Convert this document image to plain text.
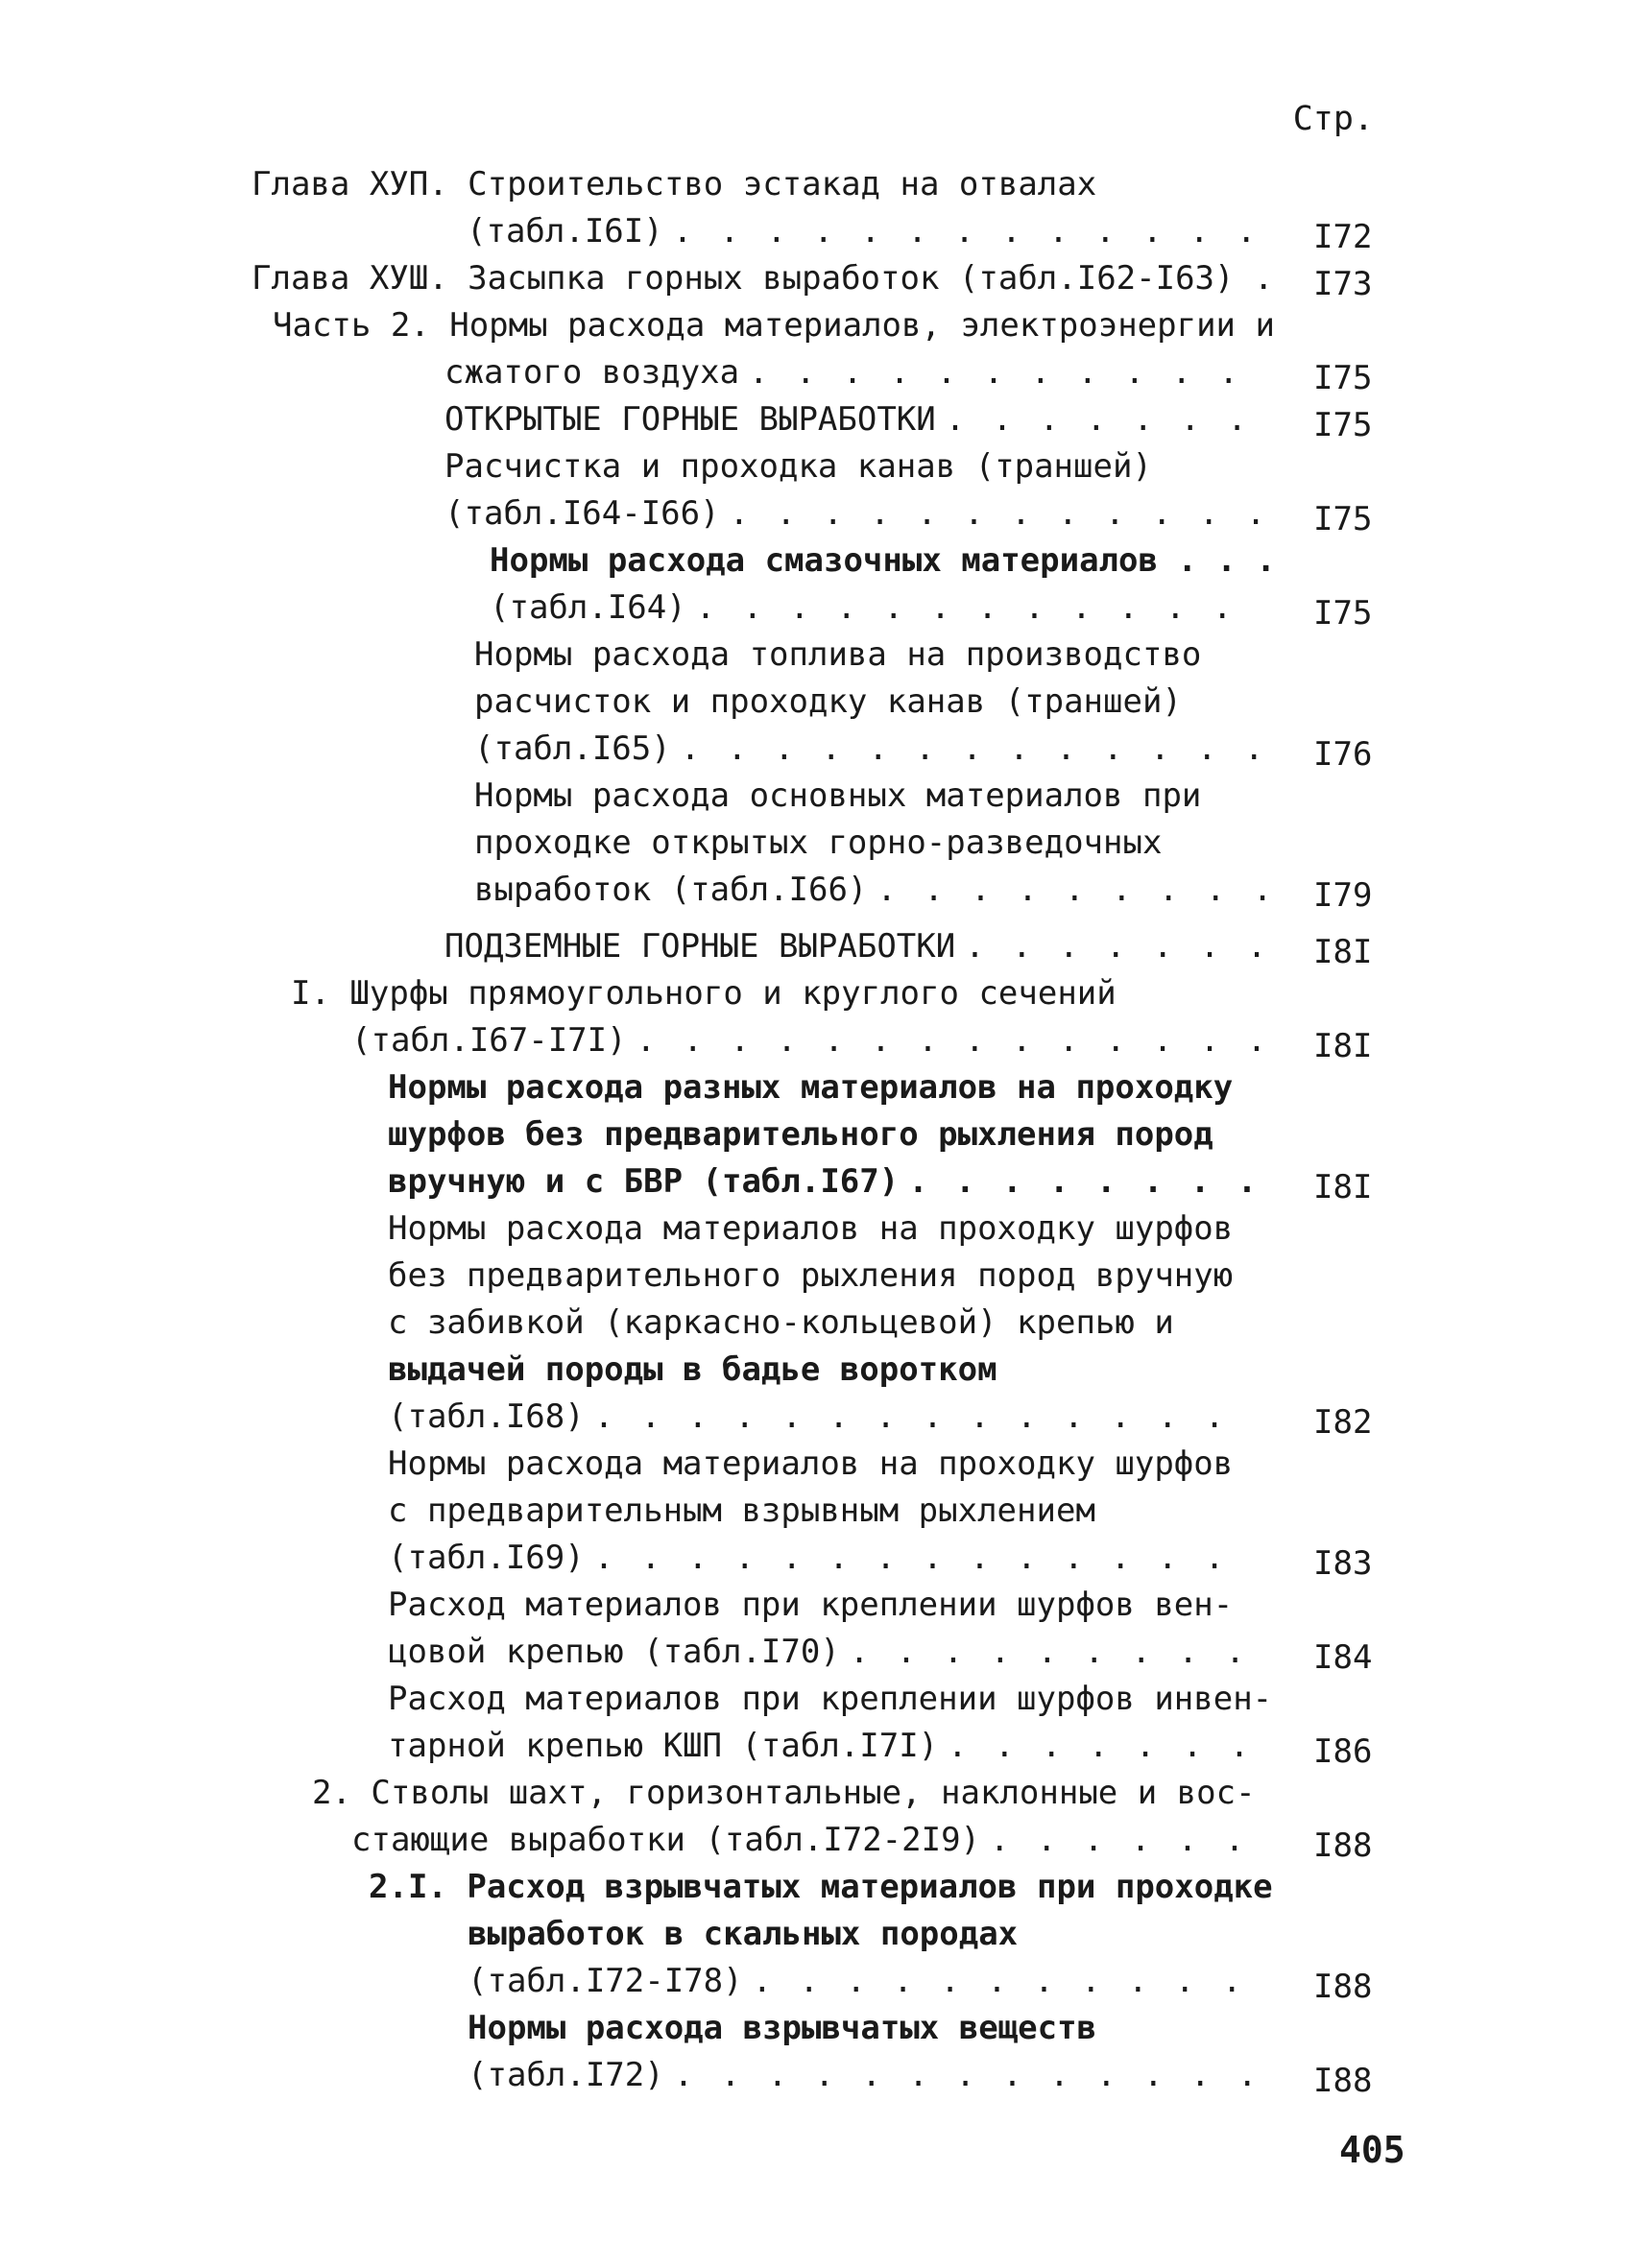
Стр.
Глава ХУП. Строительство эстакад на отвалах
(табл.I6I) . . .	I72
Глава ХУШ. Засыпка горных выработок (табл.I62-I63) . I73
Часть 2. Нормы расхода материалов, электроэнергии и
сжатого воздуха . . .	I75
ОТКРЫТЫЕ ГОРНЫЕ ВЫРАБОТКИ . . .	I75
Расчистка и проходка канав (траншей)
(табл.I64-I66) . . .	I75
Нормы расхода смазочных материалов . . .
(табл.I64) . . .	I75
Нормы расхода топлива на производство
расчисток и проходку канав (траншей)
(табл.I65) . . .	I76
Нормы расхода основных материалов при
проходке открытых горно-разведочных
выработок (табл.I66) . . .	I79
ПОДЗЕМНЫЕ ГОРНЫЕ ВЫРАБОТКИ . . .	I8I
I. Шурфы прямоугольного и круглого сечений
(табл.I67-I7I) . . .	I8I
Нормы расхода разных материалов на проходку
шурфов без предварительного рыхления пород
вручную и с БВР (табл.I67) . . .	I8I
Нормы расхода материалов на проходку шурфов
без предварительного рыхления пород вручную
с забивкой (каркасно-кольцевой) крепью и
выдачей породы в бадье воротком
(табл.I68) . . .	I82
Нормы расхода материалов на проходку шурфов
с предварительным взрывным рыхлением
(табл.I69) . . .	I83
Расход материалов при креплении шурфов вен-
цовой крепью (табл.I70) . . .	I84
Расход материалов при креплении шурфов инвен-
тарной крепью КШП (табл.I7I) . . .	I86
2. Стволы шахт, горизонтальные, наклонные и вос-
стающие выработки (табл.I72-2I9) . . .	I88
2.I. Расход взрывчатых материалов при проходке
выработок в скальных породах
(табл.I72-I78) . . .	I88
Нормы расхода взрывчатых веществ
(табл.I72) . . .	I88
405
